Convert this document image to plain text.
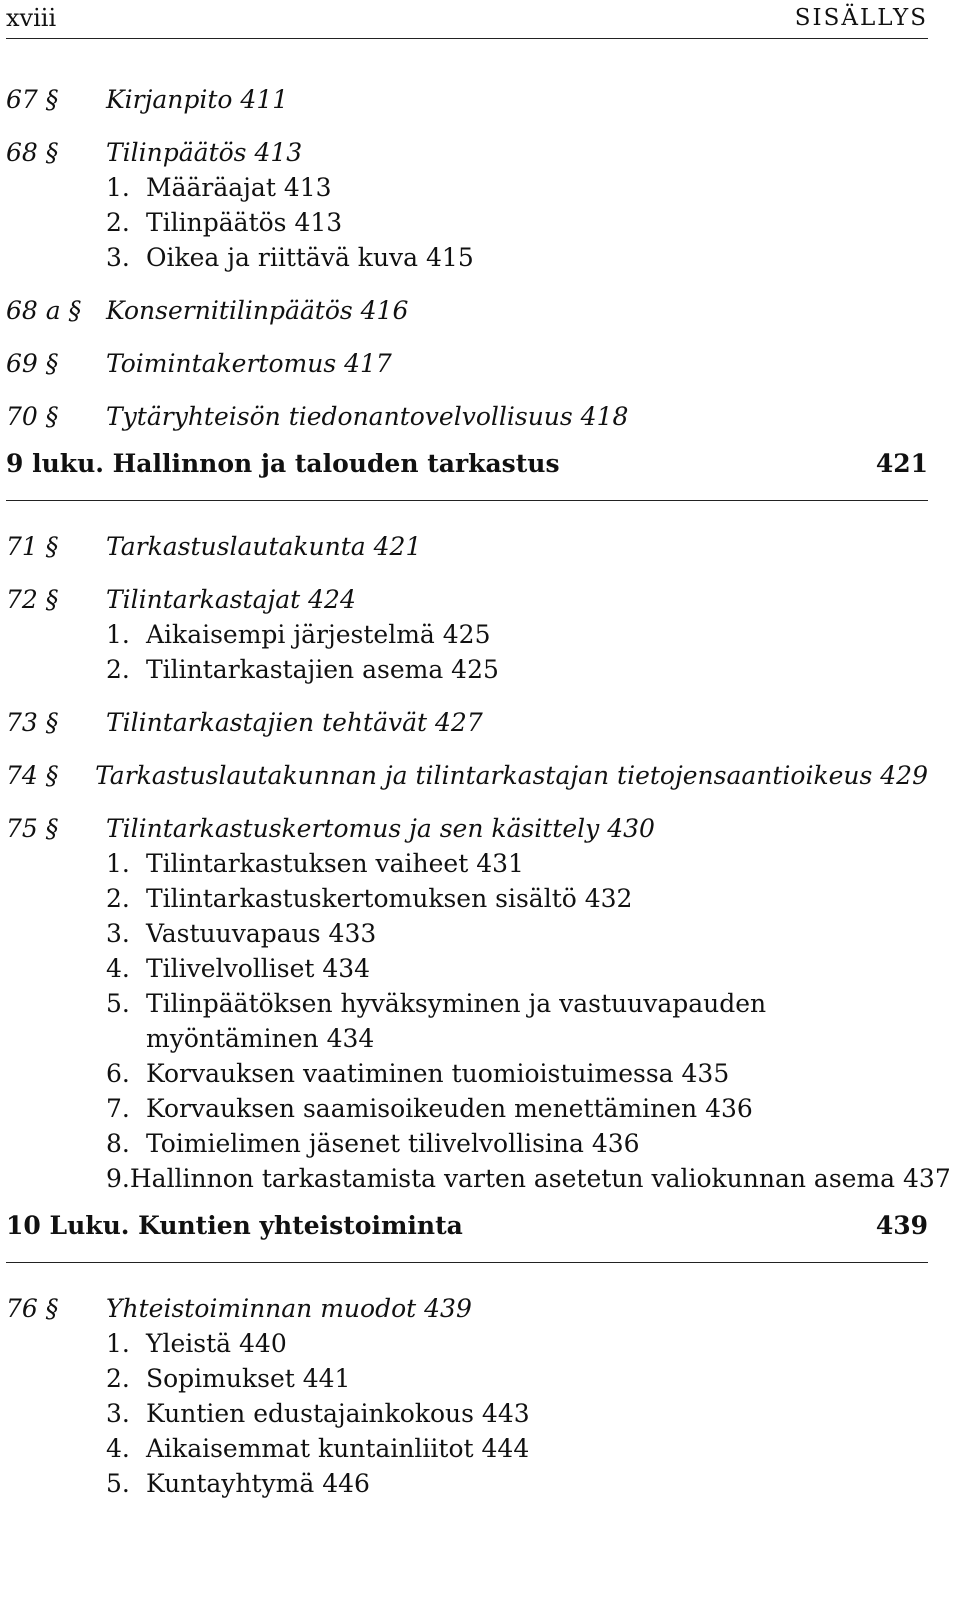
xviii	SISÄLLYS
67 §	Kirjanpito 411
68 §	Tilinpäätös 413
1. Määräajat 413
2. Tilinpäätös 413
3. Oikea ja riittävä kuva 415
68 a § Konsernitilinpäätös 416
69 §	Toimintakertomus 417
70 §	Tytäryhteisön tiedonantovelvollisuus 418
9 luku. Hallinnon ja talouden tarkastus	421
71 §	Tarkastuslautakunta 421
72 §	Tilintarkastajat 424
1. Aikaisempi järjestelmä 425
2. Tilintarkastajien asema 425
73 §	Tilintarkastajien tehtävät 427
74 §	Tarkastuslautakunnan ja tilintarkastajan tietojensaantioikeus 429
75 §	Tilintarkastuskertomus ja sen käsittely 430
1. Tilintarkastuksen vaiheet 431
2. Tilintarkastuskertomuksen sisältö 432
3. Vastuuvapaus 433
4. Tilivelvolliset 434
5. Tilinpäätöksen hyväksyminen ja vastuuvapauden
myöntäminen 434
6. Korvauksen vaatiminen tuomioistuimessa 435
7. Korvauksen saamisoikeuden menettäminen 436
8. Toimielimen jäsenet tilivelvollisina 436
9. Hallinnon tarkastamista varten asetetun valiokunnan asema 437
10 Luku. Kuntien yhteistoiminta	439
76 §	Yhteistoiminnan muodot 439
1. Yleistä 440
2. Sopimukset 441
3. Kuntien edustajainkokous 443
4. Aikaisemmat kuntainliitot 444
5. Kuntayhtymä 446
